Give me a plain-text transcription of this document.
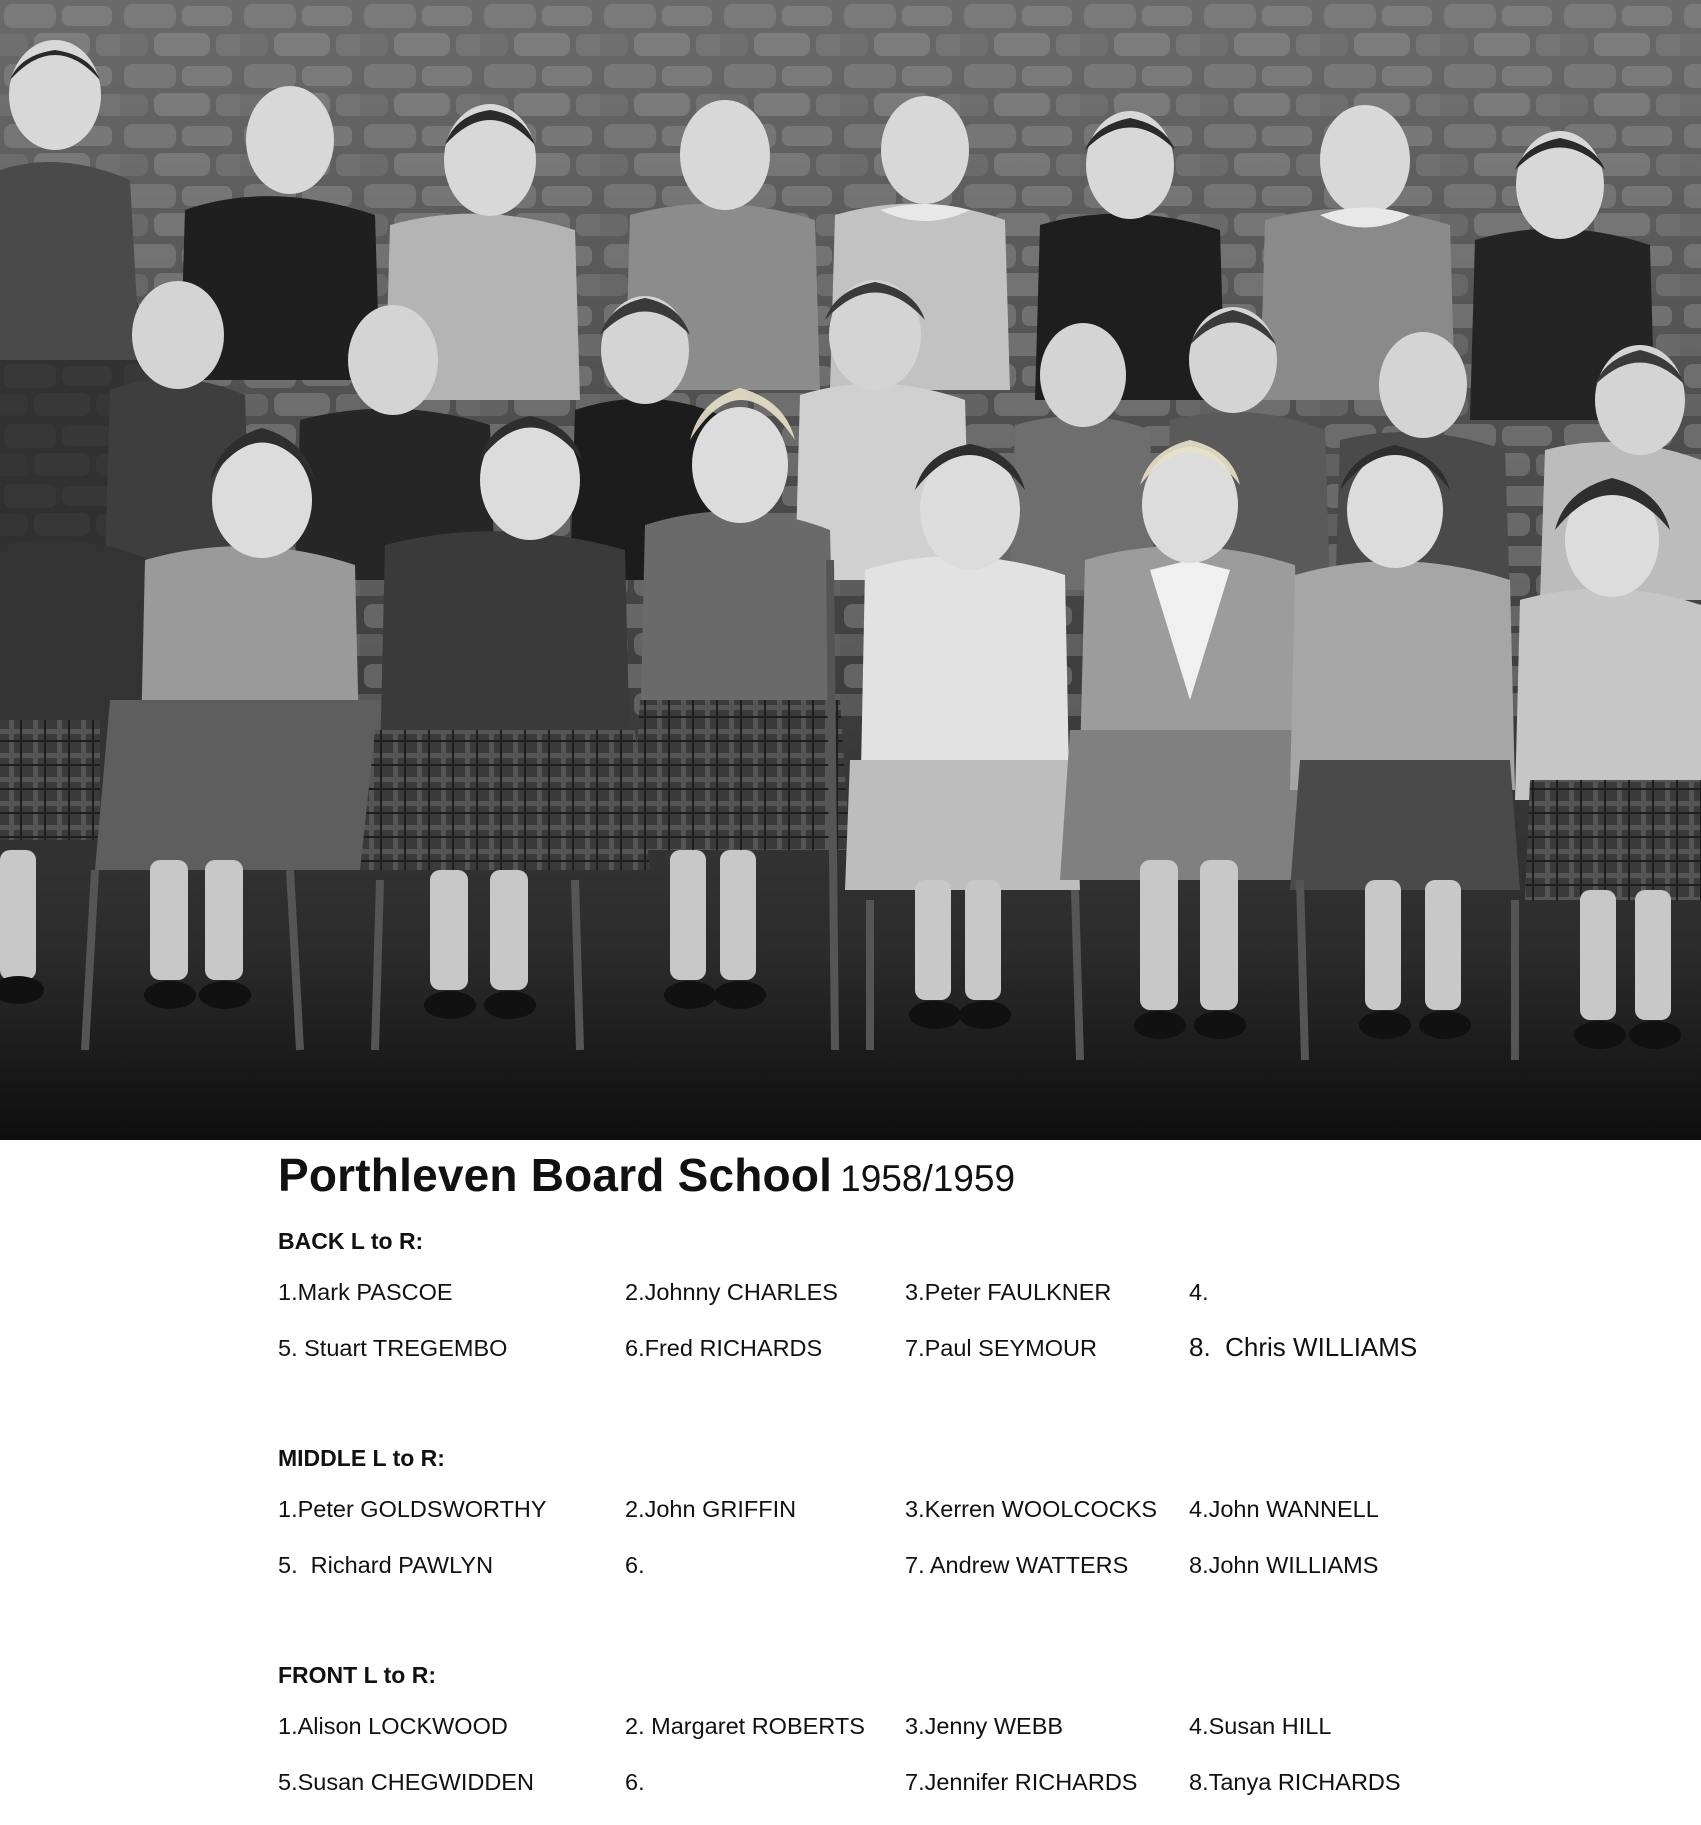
Porthleven Board School 1958/1959
BACK L to R:
1.Mark PASCOE	2.Johnny CHARLES	3.Peter FAULKNER	4.
5. Stuart TREGEMBO	6.Fred RICHARDS	7.Paul SEYMOUR	8.  Chris WILLIAMS
MIDDLE L to R:
1.Peter GOLDSWORTHY	2.John GRIFFIN	3.Kerren WOOLCOCKS 4.John WANNELL
5.  Richard PAWLYN	6.	7. Andrew WATTERS	8.John WILLIAMS
FRONT L to R:
1.Alison LOCKWOOD	2. Margaret ROBERTS 3.Jenny WEBB	4.Susan HILL
5.Susan CHEGWIDDEN	6.	7.Jennifer RICHARDS 8.Tanya RICHARDS
